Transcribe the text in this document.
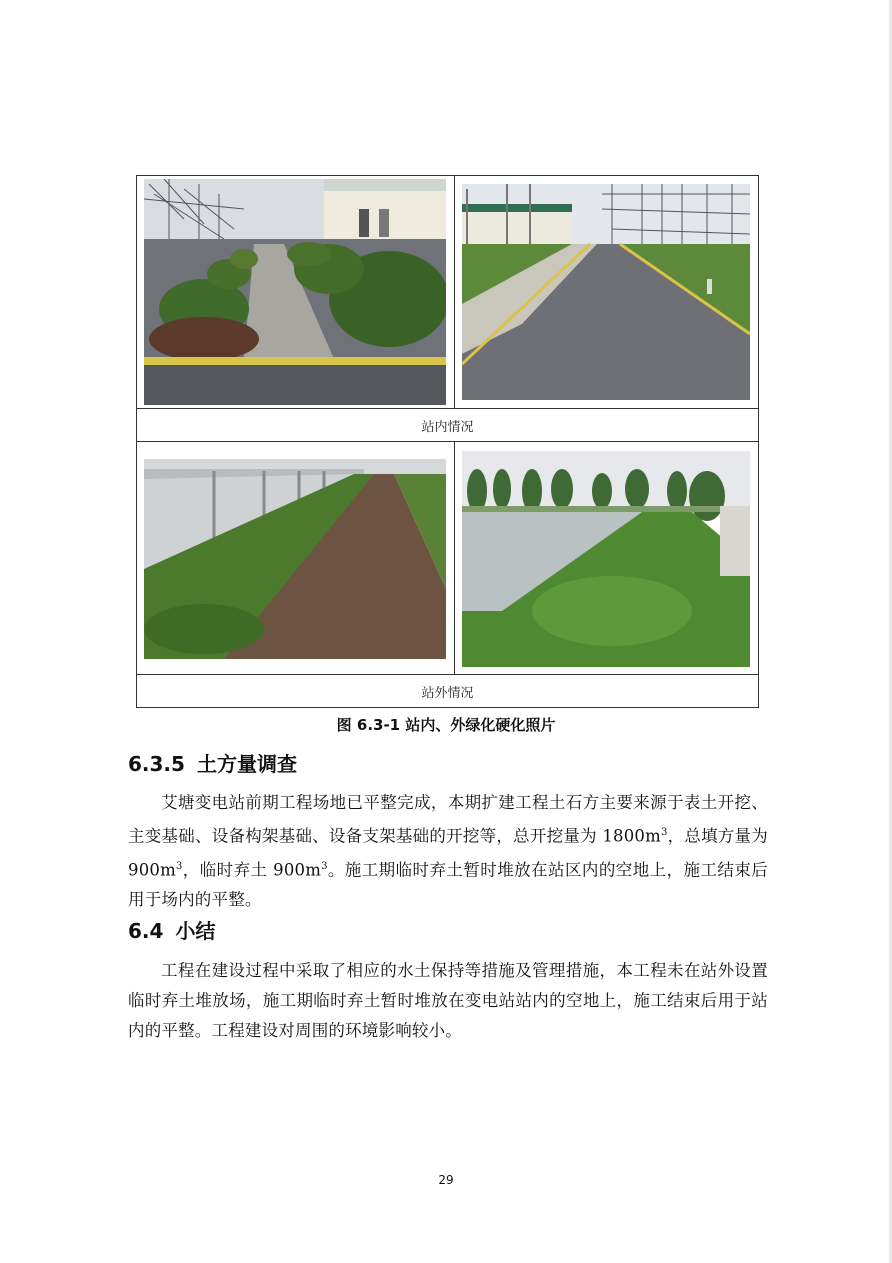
站内情况	

站外情况	
图 6.3-1 站内、外绿化硬化照片
6.3.5 土方量调查
艾塘变电站前期工程场地已平整完成，本期扩建工程土石方主要来源于表土开挖、主变基础、设备构架基础、设备支架基础的开挖等，总开挖量为 $1800m^3$，总填方量为 $900m^3$，临时弃土 $900m^3$。施工期临时弃土暂时堆放在站区内的空地上，施工结束后用于场内的平整。
6.4 小结
工程在建设过程中采取了相应的水土保持等措施及管理措施，本工程未在站外设置临时弃土堆放场，施工期临时弃土暂时堆放在变电站站内的空地上，施工结束后用于站内的平整。工程建设对周围的环境影响较小。
29
